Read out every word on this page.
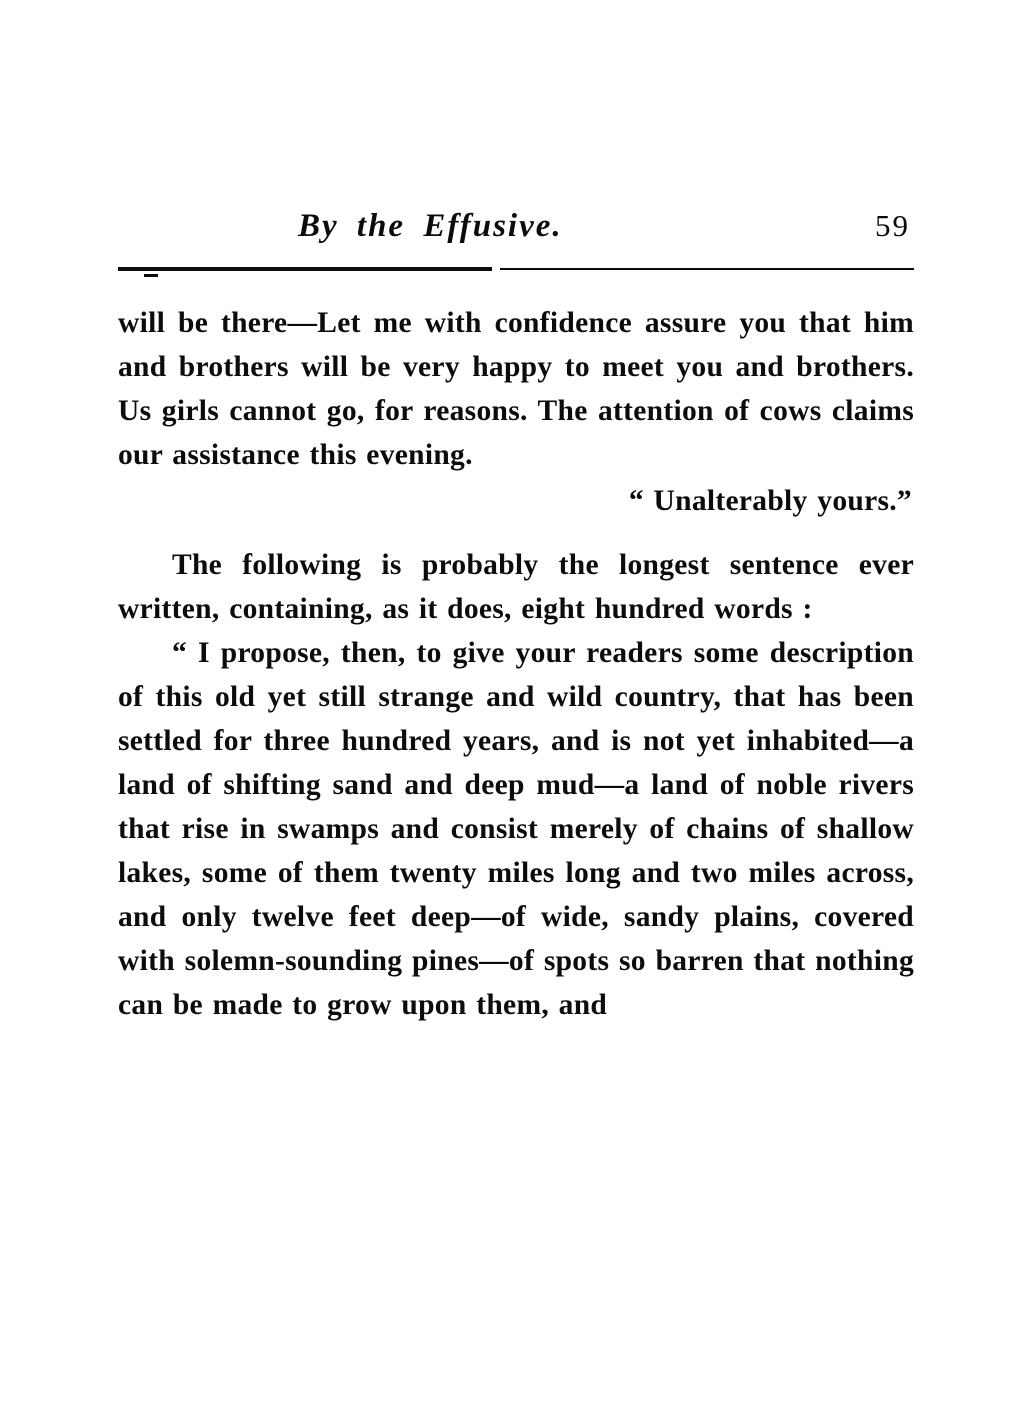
By the Effusive.	59

will be there—Let me with confidence assure you that him and brothers will be very happy to meet you and brothers. Us girls cannot go, for reasons. The attention of cows claims our assistance this evening.

“ Unalterably yours.”

The following is probably the longest sentence ever written, containing, as it does, eight hundred words :

“ I propose, then, to give your readers some description of this old yet still strange and wild country, that has been settled for three hundred years, and is not yet inhabited—a land of shifting sand and deep mud—a land of noble rivers that rise in swamps and consist merely of chains of shallow lakes, some of them twenty miles long and two miles across, and only twelve feet deep—of wide, sandy plains, covered with solemn-sounding pines—of spots so barren that nothing can be made to grow upon them, and
